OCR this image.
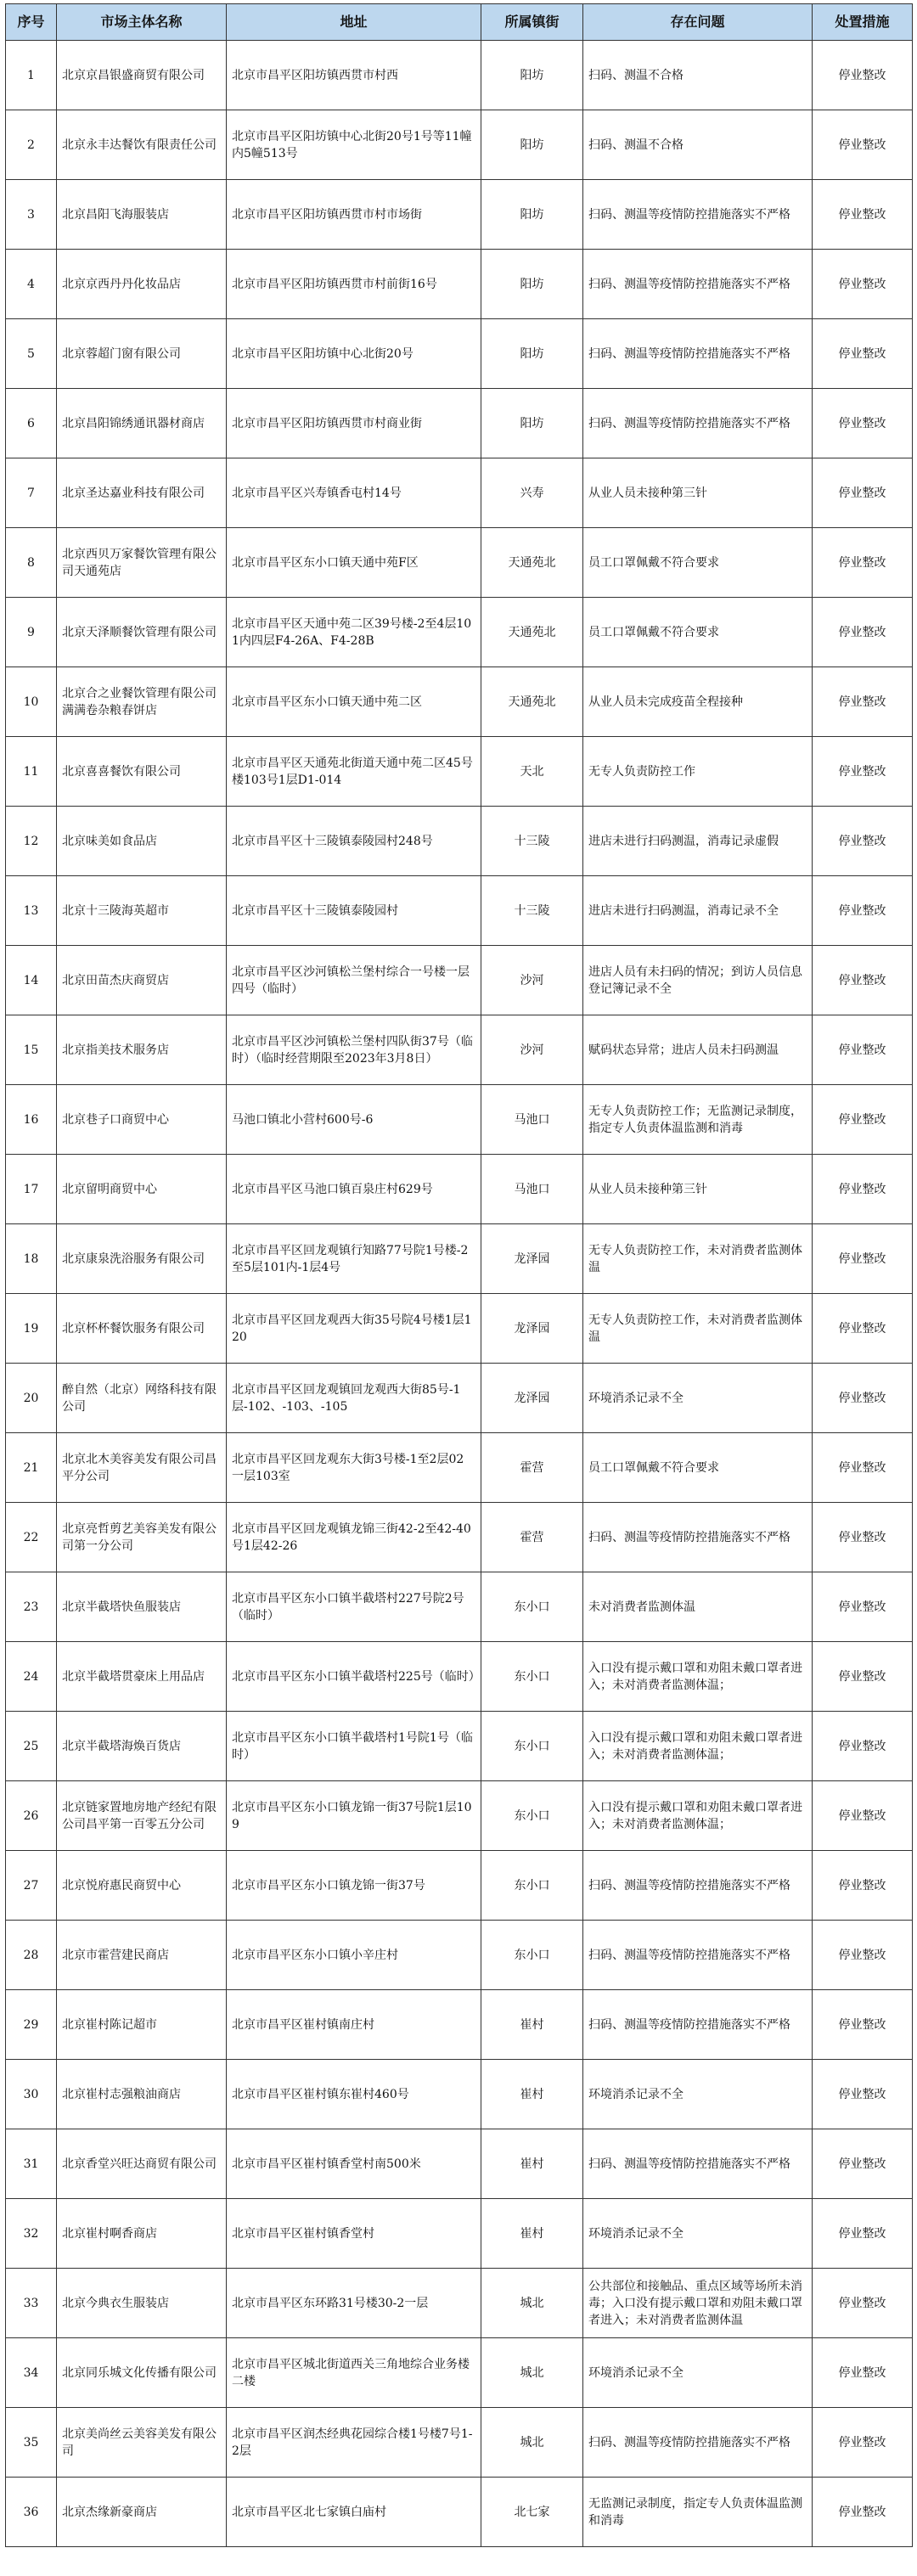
序号	市场主体名称	地址	所属镇街	存在问题	处置措施
1	北京京昌银盛商贸有限公司	北京市昌平区阳坊镇西贯市村西	阳坊	扫码、测温不合格	停业整改
2	北京永丰达餐饮有限责任公司	北京市昌平区阳坊镇中心北街20号1号等11幢内5幢513号	阳坊	扫码、测温不合格	停业整改
3	北京昌阳飞海服装店	北京市昌平区阳坊镇西贯市村市场街	阳坊	扫码、测温等疫情防控措施落实不严格	停业整改
4	北京京西丹丹化妆品店	北京市昌平区阳坊镇西贯市村前街16号	阳坊	扫码、测温等疫情防控措施落实不严格	停业整改
5	北京蓉超门窗有限公司	北京市昌平区阳坊镇中心北街20号	阳坊	扫码、测温等疫情防控措施落实不严格	停业整改
6	北京昌阳锦绣通讯器材商店	北京市昌平区阳坊镇西贯市村商业街	阳坊	扫码、测温等疫情防控措施落实不严格	停业整改
7	北京圣达嘉业科技有限公司	北京市昌平区兴寿镇香屯村14号	兴寿	从业人员未接种第三针	停业整改
8	北京西贝万家餐饮管理有限公司天通苑店	北京市昌平区东小口镇天通中苑F区	天通苑北	员工口罩佩戴不符合要求	停业整改
9	北京天泽顺餐饮管理有限公司	北京市昌平区天通中苑二区39号楼-2至4层101内四层F4-26A、F4-28B	天通苑北	员工口罩佩戴不符合要求	停业整改
10	北京合之业餐饮管理有限公司满满卷杂粮春饼店	北京市昌平区东小口镇天通中苑二区	天通苑北	从业人员未完成疫苗全程接种	停业整改
11	北京喜喜餐饮有限公司	北京市昌平区天通苑北街道天通中苑二区45号楼103号1层D1-014	天北	无专人负责防控工作	停业整改
12	北京味美如食品店	北京市昌平区十三陵镇泰陵园村248号	十三陵	进店未进行扫码测温，消毒记录虚假	停业整改
13	北京十三陵海英超市	北京市昌平区十三陵镇泰陵园村	十三陵	进店未进行扫码测温，消毒记录不全	停业整改
14	北京田苗杰庆商贸店	北京市昌平区沙河镇松兰堡村综合一号楼一层四号（临时）	沙河	进店人员有未扫码的情况；到访人员信息登记簿记录不全	停业整改
15	北京指美技术服务店	北京市昌平区沙河镇松兰堡村四队街37号（临时）（临时经营期限至2023年3月8日）	沙河	赋码状态异常；进店人员未扫码测温	停业整改
16	北京巷子口商贸中心	马池口镇北小营村600号-6	马池口	无专人负责防控工作；无监测记录制度，指定专人负责体温监测和消毒	停业整改
17	北京留明商贸中心	北京市昌平区马池口镇百泉庄村629号	马池口	从业人员未接种第三针	停业整改
18	北京康泉洗浴服务有限公司	北京市昌平区回龙观镇行知路77号院1号楼-2至5层101内-1层4号	龙泽园	无专人负责防控工作，未对消费者监测体温	停业整改
19	北京杯杯餐饮服务有限公司	北京市昌平区回龙观西大街35号院4号楼1层120	龙泽园	无专人负责防控工作，未对消费者监测体温	停业整改
20	醉自然（北京）网络科技有限公司	北京市昌平区回龙观镇回龙观西大街85号-1层-102、-103、-105	龙泽园	环境消杀记录不全	停业整改
21	北京北木美容美发有限公司昌平分公司	北京市昌平区回龙观东大街3号楼-1至2层02一层103室	霍营	员工口罩佩戴不符合要求	停业整改
22	北京亮哲剪艺美容美发有限公司第一分公司	北京市昌平区回龙观镇龙锦三街42-2至42-40号1层42-26	霍营	扫码、测温等疫情防控措施落实不严格	停业整改
23	北京半截塔快鱼服装店	北京市昌平区东小口镇半截塔村227号院2号（临时）	东小口	未对消费者监测体温	停业整改
24	北京半截塔贯豪床上用品店	北京市昌平区东小口镇半截塔村225号（临时）	东小口	入口没有提示戴口罩和劝阻未戴口罩者进入；未对消费者监测体温；	停业整改
25	北京半截塔海焕百货店	北京市昌平区东小口镇半截塔村1号院1号（临时）	东小口	入口没有提示戴口罩和劝阻未戴口罩者进入；未对消费者监测体温；	停业整改
26	北京链家置地房地产经纪有限公司昌平第一百零五分公司	北京市昌平区东小口镇龙锦一街37号院1层109	东小口	入口没有提示戴口罩和劝阻未戴口罩者进入；未对消费者监测体温；	停业整改
27	北京悦府惠民商贸中心	北京市昌平区东小口镇龙锦一街37号	东小口	扫码、测温等疫情防控措施落实不严格	停业整改
28	北京市霍营建民商店	北京市昌平区东小口镇小辛庄村	东小口	扫码、测温等疫情防控措施落实不严格	停业整改
29	北京崔村陈记超市	北京市昌平区崔村镇南庄村	崔村	扫码、测温等疫情防控措施落实不严格	停业整改
30	北京崔村志强粮油商店	北京市昌平区崔村镇东崔村460号	崔村	环境消杀记录不全	停业整改
31	北京香堂兴旺达商贸有限公司	北京市昌平区崔村镇香堂村南500米	崔村	扫码、测温等疫情防控措施落实不严格	停业整改
32	北京崔村啊香商店	北京市昌平区崔村镇香堂村	崔村	环境消杀记录不全	停业整改
33	北京今典衣生服装店	北京市昌平区东环路31号楼30-2一层	城北	公共部位和接触品、重点区域等场所未消毒；入口没有提示戴口罩和劝阻未戴口罩者进入；未对消费者监测体温	停业整改
34	北京同乐城文化传播有限公司	北京市昌平区城北街道西关三角地综合业务楼二楼	城北	环境消杀记录不全	停业整改
35	北京美尚丝云美容美发有限公司	北京市昌平区润杰经典花园综合楼1号楼7号1-2层	城北	扫码、测温等疫情防控措施落实不严格	停业整改
36	北京杰缘新豪商店	北京市昌平区北七家镇白庙村	北七家	无监测记录制度，指定专人负责体温监测和消毒	停业整改
